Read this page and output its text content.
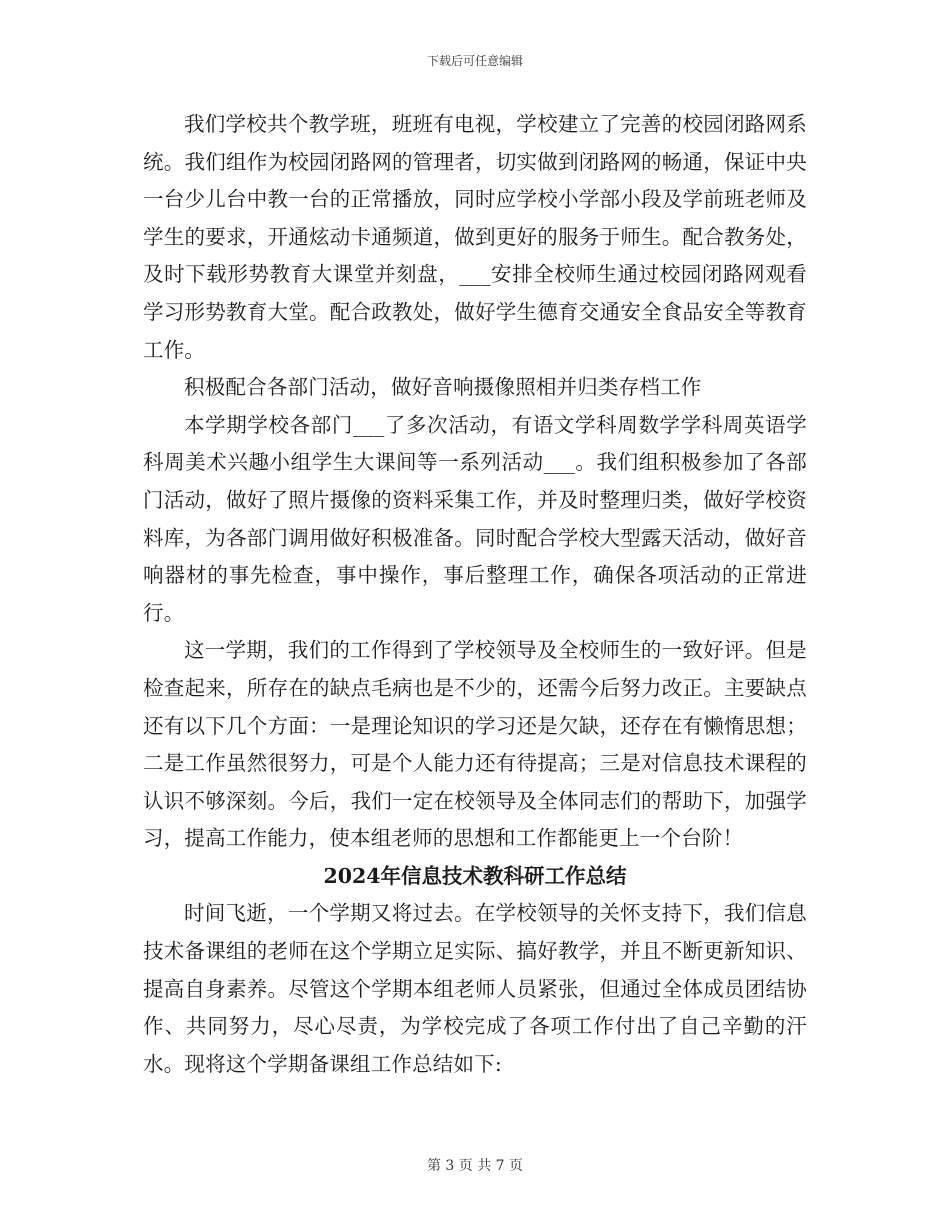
下载后可任意编辑

我们学校共个教学班，班班有电视，学校建立了完善的校园闭路网系统。我们组作为校园闭路网的管理者，切实做到闭路网的畅通，保证中央一台少儿台中教一台的正常播放，同时应学校小学部小段及学前班老师及学生的要求，开通炫动卡通频道，做到更好的服务于师生。配合教务处，及时下载形势教育大课堂并刻盘，___安排全校师生通过校园闭路网观看学习形势教育大堂。配合政教处，做好学生德育交通安全食品安全等教育工作。

积极配合各部门活动，做好音响摄像照相并归类存档工作

本学期学校各部门___了多次活动，有语文学科周数学学科周英语学科周美术兴趣小组学生大课间等一系列活动___。我们组积极参加了各部门活动，做好了照片摄像的资料采集工作，并及时整理归类，做好学校资料库，为各部门调用做好积极准备。同时配合学校大型露天活动，做好音响器材的事先检查，事中操作，事后整理工作，确保各项活动的正常进行。

这一学期，我们的工作得到了学校领导及全校师生的一致好评。但是检查起来，所存在的缺点毛病也是不少的，还需今后努力改正。主要缺点还有以下几个方面：一是理论知识的学习还是欠缺，还存在有懒惰思想；二是工作虽然很努力，可是个人能力还有待提高；三是对信息技术课程的认识不够深刻。今后，我们一定在校领导及全体同志们的帮助下，加强学习，提高工作能力，使本组老师的思想和工作都能更上一个台阶！

2024年信息技术教科研工作总结

时间飞逝，一个学期又将过去。在学校领导的关怀支持下，我们信息技术备课组的老师在这个学期立足实际、搞好教学，并且不断更新知识、提高自身素养。尽管这个学期本组老师人员紧张，但通过全体成员团结协作、共同努力，尽心尽责，为学校完成了各项工作付出了自己辛勤的汗水。现将这个学期备课组工作总结如下:

第 3 页 共 7 页
